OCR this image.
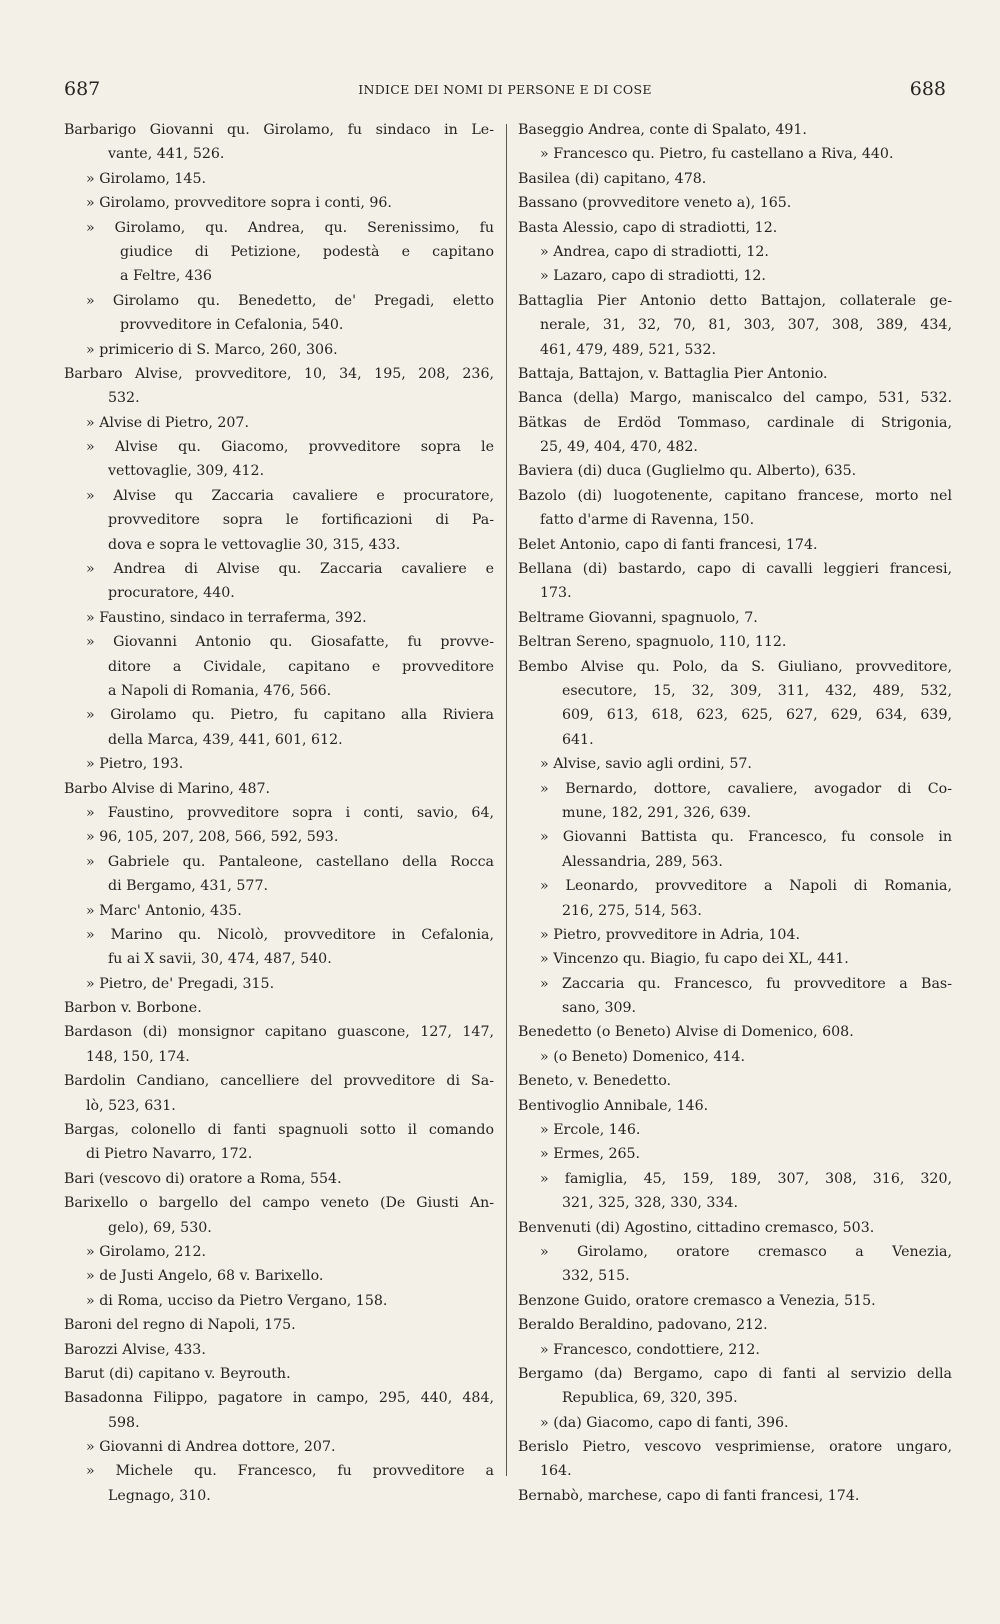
687	INDICE DEI NOMI DI PERSONE E DI COSE	688
Barbarigo Giovanni qu. Girolamo, fu sindaco in Le-
vante, 441, 526.
» Girolamo, 145.
» Girolamo, provveditore sopra i conti, 96.
» Girolamo, qu. Andrea, qu. Serenissimo, fu
giudice di Petizione, podestà e capitano
a Feltre, 436
» Girolamo qu. Benedetto, de' Pregadi, eletto
provveditore in Cefalonia, 540.
» primicerio di S. Marco, 260, 306.
Barbaro Alvise, provveditore, 10, 34, 195, 208, 236,
532.
» Alvise di Pietro, 207.
» Alvise qu. Giacomo, provveditore sopra le
vettovaglie, 309, 412.
» Alvise qu Zaccaria cavaliere e procuratore,
provveditore sopra le fortificazioni di Pa-
dova e sopra le vettovaglie 30, 315, 433.
» Andrea di Alvise qu. Zaccaria cavaliere e
procuratore, 440.
» Faustino, sindaco in terraferma, 392.
» Giovanni Antonio qu. Giosafatte, fu provve-
ditore a Cividale, capitano e provveditore
a Napoli di Romania, 476, 566.
» Girolamo qu. Pietro, fu capitano alla Riviera
della Marca, 439, 441, 601, 612.
» Pietro, 193.
Barbo Alvise di Marino, 487.
» Faustino, provveditore sopra i conti, savio, 64,
» 96, 105, 207, 208, 566, 592, 593.
» Gabriele qu. Pantaleone, castellano della Rocca
di Bergamo, 431, 577.
» Marc' Antonio, 435.
» Marino qu. Nicolò, provveditore in Cefalonia,
fu ai X savii, 30, 474, 487, 540.
» Pietro, de' Pregadi, 315.
Barbon v. Borbone.
Bardason (di) monsignor capitano guascone, 127, 147,
148, 150, 174.
Bardolin Candiano, cancelliere del provveditore di Sa-
lò, 523, 631.
Bargas, colonello di fanti spagnuoli sotto il comando
di Pietro Navarro, 172.
Bari (vescovo di) oratore a Roma, 554.
Barixello o bargello del campo veneto (De Giusti An-
gelo), 69, 530.
» Girolamo, 212.
» de Justi Angelo, 68 v. Barixello.
» di Roma, ucciso da Pietro Vergano, 158.
Baroni del regno di Napoli, 175.
Barozzi Alvise, 433.
Barut (di) capitano v. Beyrouth.
Basadonna Filippo, pagatore in campo, 295, 440, 484,
598.
» Giovanni di Andrea dottore, 207.
» Michele qu. Francesco, fu provveditore a
Legnago, 310.
Baseggio Andrea, conte di Spalato, 491.
» Francesco qu. Pietro, fu castellano a Riva, 440.
Basilea (di) capitano, 478.
Bassano (provveditore veneto a), 165.
Basta Alessio, capo di stradiotti, 12.
» Andrea, capo di stradiotti, 12.
» Lazaro, capo di stradiotti, 12.
Battaglia Pier Antonio detto Battajon, collaterale ge-
nerale, 31, 32, 70, 81, 303, 307, 308, 389, 434,
461, 479, 489, 521, 532.
Battaja, Battajon, v. Battaglia Pier Antonio.
Banca (della) Margo, maniscalco del campo, 531, 532.
Bätkas de Erdöd Tommaso, cardinale di Strigonia,
25, 49, 404, 470, 482.
Baviera (di) duca (Guglielmo qu. Alberto), 635.
Bazolo (di) luogotenente, capitano francese, morto nel
fatto d'arme di Ravenna, 150.
Belet Antonio, capo di fanti francesi, 174.
Bellana (di) bastardo, capo di cavalli leggieri francesi,
173.
Beltrame Giovanni, spagnuolo, 7.
Beltran Sereno, spagnuolo, 110, 112.
Bembo Alvise qu. Polo, da S. Giuliano, provveditore,
esecutore, 15, 32, 309, 311, 432, 489, 532,
609, 613, 618, 623, 625, 627, 629, 634, 639,
641.
» Alvise, savio agli ordini, 57.
» Bernardo, dottore, cavaliere, avogador di Co-
mune, 182, 291, 326, 639.
» Giovanni Battista qu. Francesco, fu console in
Alessandria, 289, 563.
» Leonardo, provveditore a Napoli di Romania,
216, 275, 514, 563.
» Pietro, provveditore in Adria, 104.
» Vincenzo qu. Biagio, fu capo dei XL, 441.
» Zaccaria qu. Francesco, fu provveditore a Bas-
sano, 309.
Benedetto (o Beneto) Alvise di Domenico, 608.
» (o Beneto) Domenico, 414.
Beneto, v. Benedetto.
Bentivoglio Annibale, 146.
» Ercole, 146.
» Ermes, 265.
» famiglia, 45, 159, 189, 307, 308, 316, 320,
321, 325, 328, 330, 334.
Benvenuti (di) Agostino, cittadino cremasco, 503.
» Girolamo, oratore cremasco a Venezia,
332, 515.
Benzone Guido, oratore cremasco a Venezia, 515.
Beraldo Beraldino, padovano, 212.
» Francesco, condottiere, 212.
Bergamo (da) Bergamo, capo di fanti al servizio della
Republica, 69, 320, 395.
» (da) Giacomo, capo di fanti, 396.
Berislo Pietro, vescovo vesprimiense, oratore ungaro,
164.
Bernabò, marchese, capo di fanti francesi, 174.
